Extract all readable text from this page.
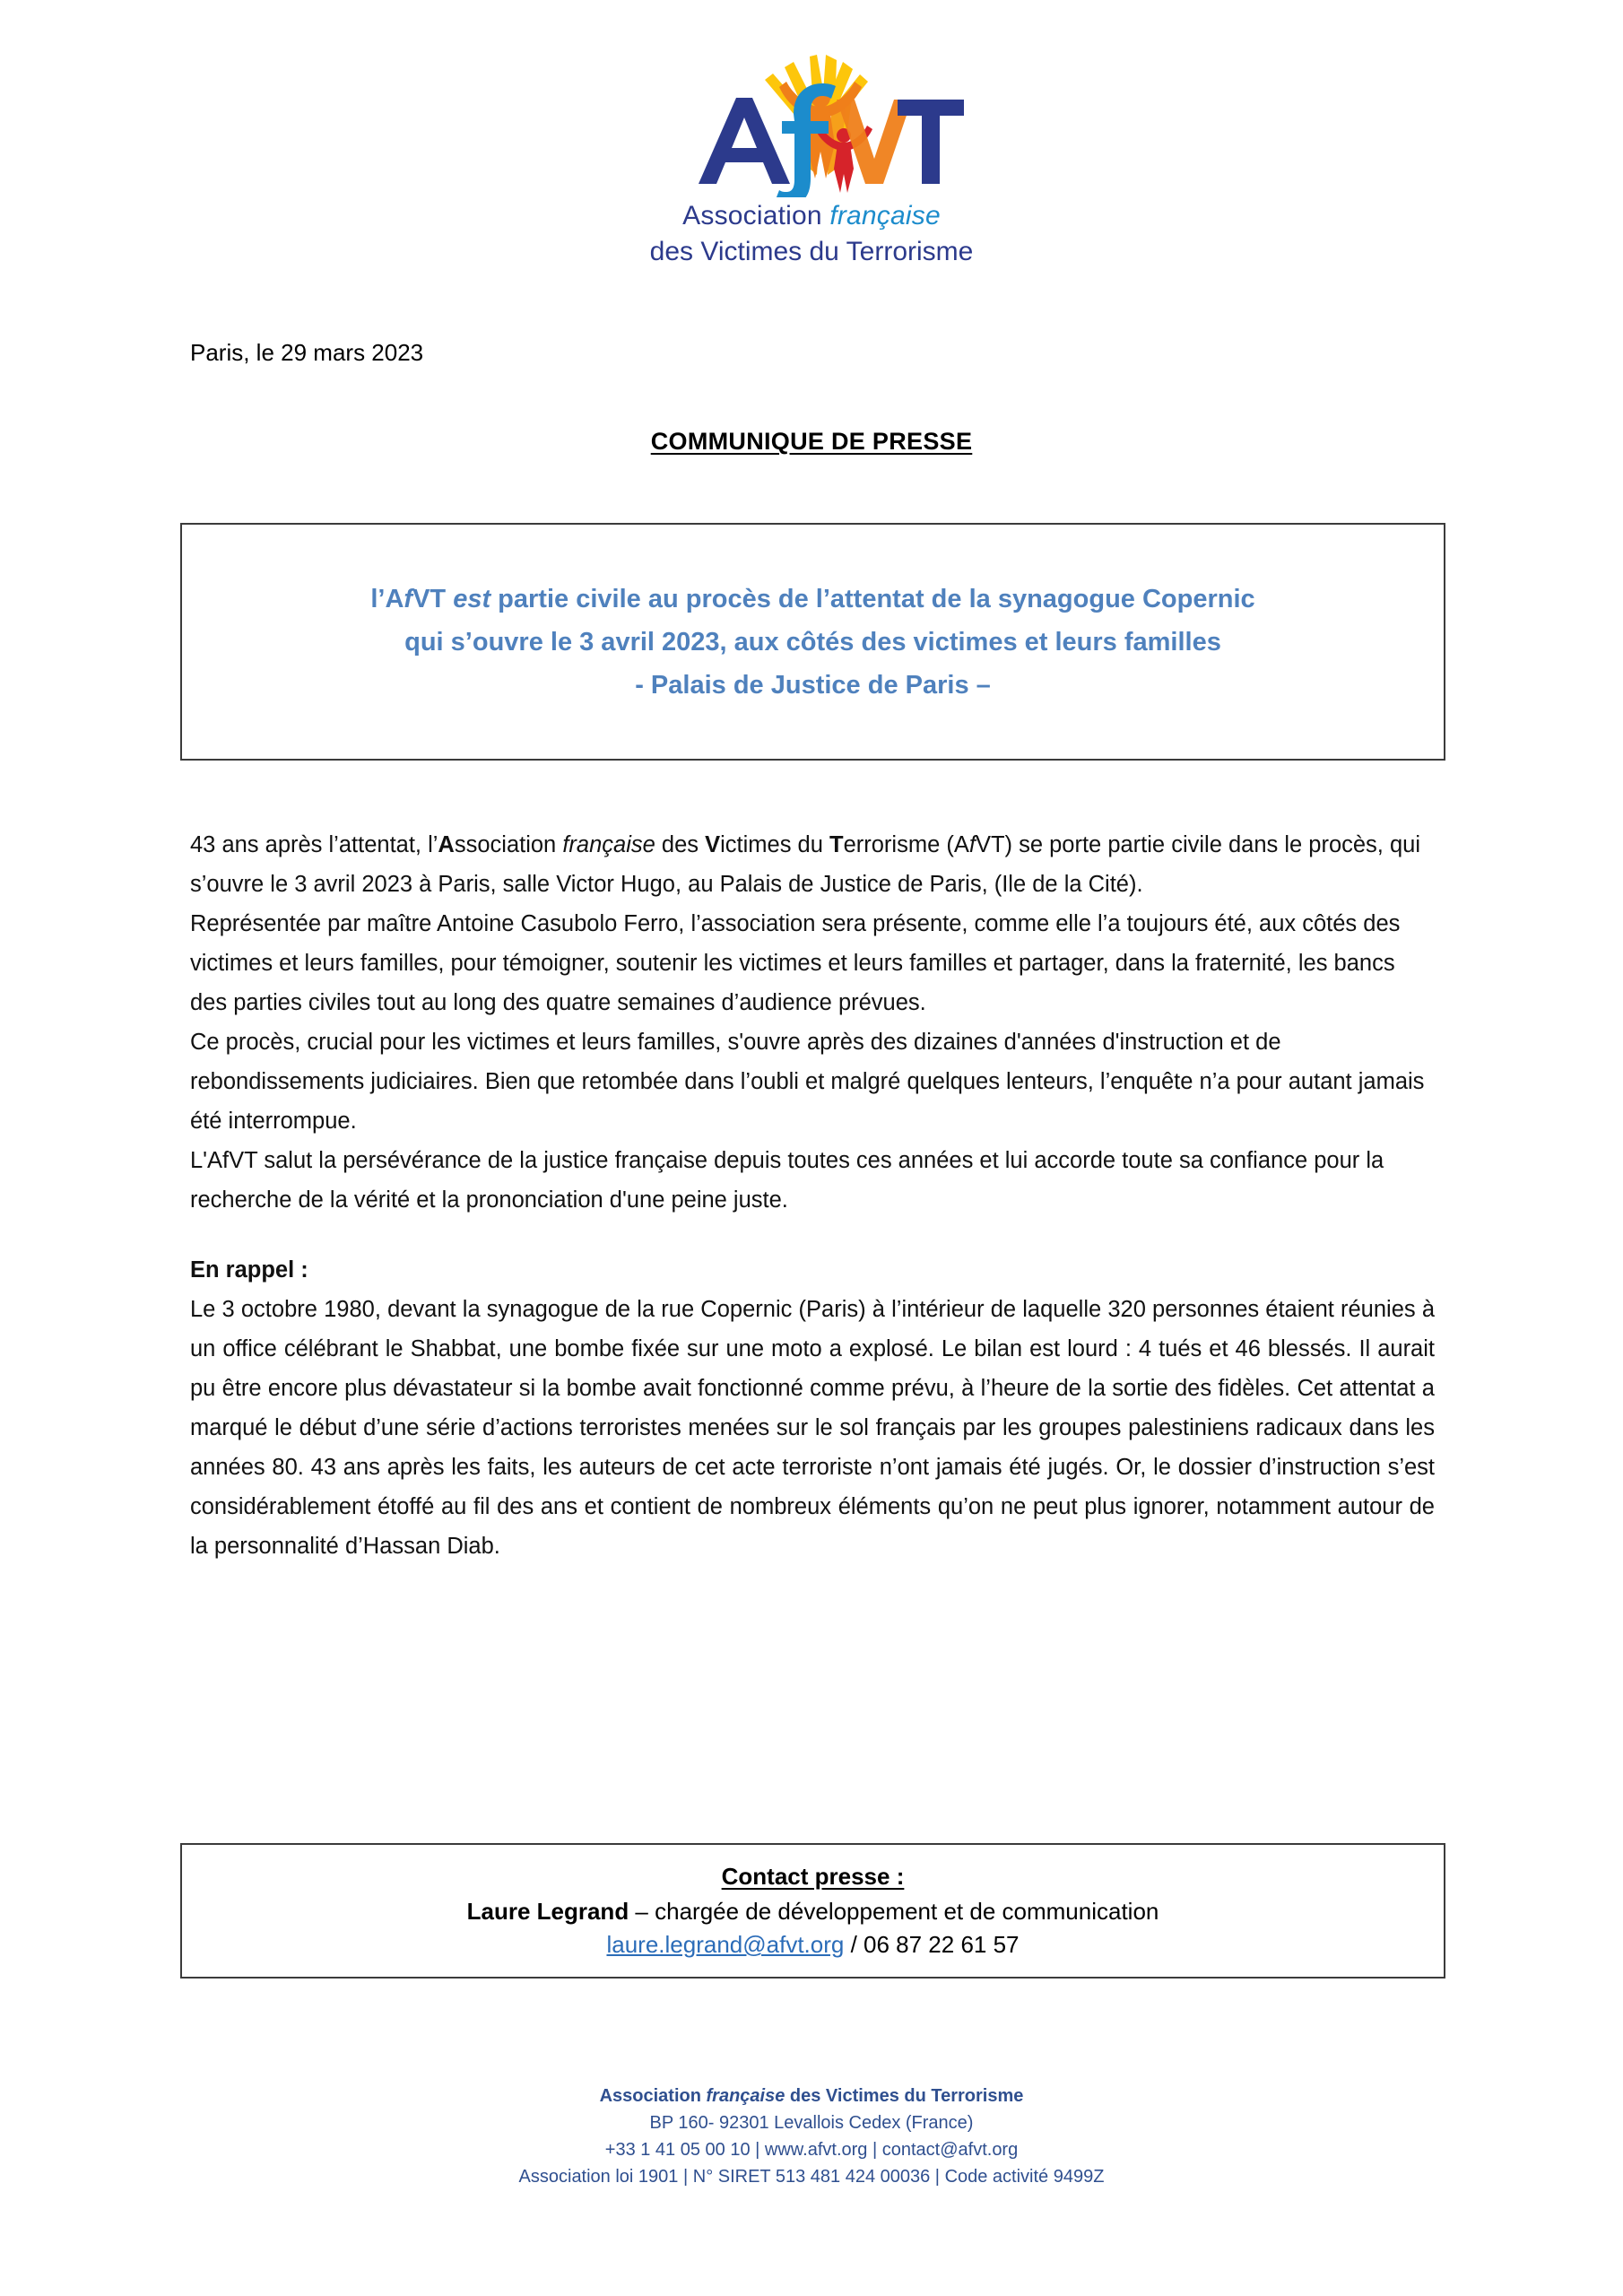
Association française
des Victimes du Terrorisme
Paris, le 29 mars 2023
COMMUNIQUE DE PRESSE
l’AfVT est partie civile au procès de l’attentat de la synagogue Copernic
qui s’ouvre le 3 avril 2023, aux côtés des victimes et leurs familles
- Palais de Justice de Paris –

43 ans après l’attentat, l’Association française des Victimes du Terrorisme (AfVT) se porte partie civile dans le procès, qui s’ouvre le 3 avril 2023 à Paris, salle Victor Hugo, au Palais de Justice de Paris, (Ile de la Cité).

Représentée par maître Antoine Casubolo Ferro, l’association sera présente, comme elle l’a toujours été, aux côtés des victimes et leurs familles, pour témoigner, soutenir les victimes et leurs familles et partager, dans la fraternité, les bancs des parties civiles tout au long des quatre semaines d’audience prévues.

Ce procès, crucial pour les victimes et leurs familles, s'ouvre après des dizaines d'années d'instruction et de rebondissements judiciaires. Bien que retombée dans l’oubli et malgré quelques lenteurs, l’enquête n’a pour autant jamais été interrompue.

L'AfVT salut la persévérance de la justice française depuis toutes ces années et lui accorde toute sa confiance pour la recherche de la vérité et la prononciation d'une peine juste.

En rappel :

Le 3 octobre 1980, devant la synagogue de la rue Copernic (Paris) à l’intérieur de laquelle 320 personnes étaient réunies à un office célébrant le Shabbat, une bombe fixée sur une moto a explosé. Le bilan est lourd : 4 tués et 46 blessés. Il aurait pu être encore plus dévastateur si la bombe avait fonctionné comme prévu, à l’heure de la sortie des fidèles. Cet attentat a marqué le début d’une série d’actions terroristes menées sur le sol français par les groupes palestiniens radicaux dans les années 80. 43 ans après les faits, les auteurs de cet acte terroriste n’ont jamais été jugés. Or, le dossier d’instruction s’est considérablement étoffé au fil des ans et contient de nombreux éléments qu’on ne peut plus ignorer, notamment autour de la personnalité d’Hassan Diab.

Contact presse :
Laure Legrand – chargée de développement et de communication
laure.legrand@afvt.org / 06 87 22 61 57
Association française des Victimes du Terrorisme
BP 160- 92301 Levallois Cedex (France)
+33 1 41 05 00 10 | www.afvt.org | contact@afvt.org
Association loi 1901 | N° SIRET 513 481 424 00036 | Code activité 9499Z
